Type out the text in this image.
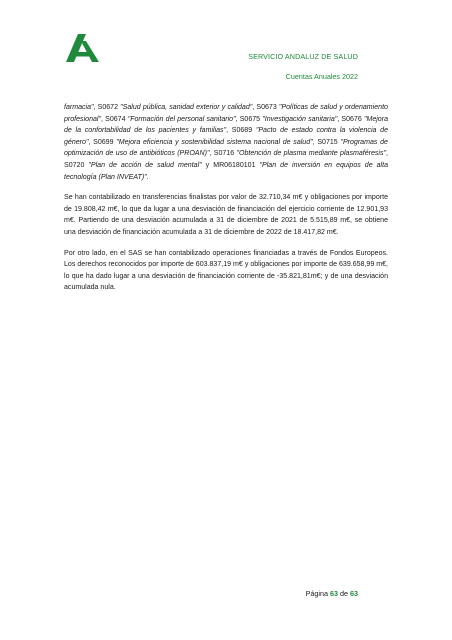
SERVICIO ANDALUZ DE SALUD
Cuentas Anuales 2022

farmacia", S0672 "Salud pública, sanidad exterior y calidad", S0673 "Políticas de salud y ordenamiento profesional", S0674 "Formación del personal sanitario", S0675 "Investigación sanitaria", S0676 "Mejora de la confortabilidad de los pacientes y familias", S0689 "Pacto de estado contra la violencia de género", S0699 "Mejora eficiencia y sostenibilidad sistema nacional de salud", S0715 "Programas de optimización de uso de antibióticos (PROAN)", S0716 "Obtención de plasma mediante plasmaféresis", S0720 "Plan de acción de salud mental" y MR06180101 "Plan de inversión en equipos de alta tecnología (Plan INVEAT)".

Se han contabilizado en transferencias finalistas por valor de 32.710,34 m€ y obligaciones por importe de 19.808,42 m€, lo que da lugar a una desviación de financiación del ejercicio corriente de 12.901,93 m€. Partiendo de una desviación acumulada a 31 de diciembre de 2021 de 5.515,89 m€, se obtiene una desviación de financiación acumulada a 31 de diciembre de 2022 de 18.417,82 m€.

Por otro lado, en el SAS se han contabilizado operaciones financiadas a través de Fondos Europeos. Los derechos reconocidos por importe de 603.837,19 m€ y obligaciones por importe de 639.658,99 m€, lo que ha dado lugar a una desviación de financiación corriente de -35.821,81m€; y de una desviación acumulada nula.

Página 63 de 63
